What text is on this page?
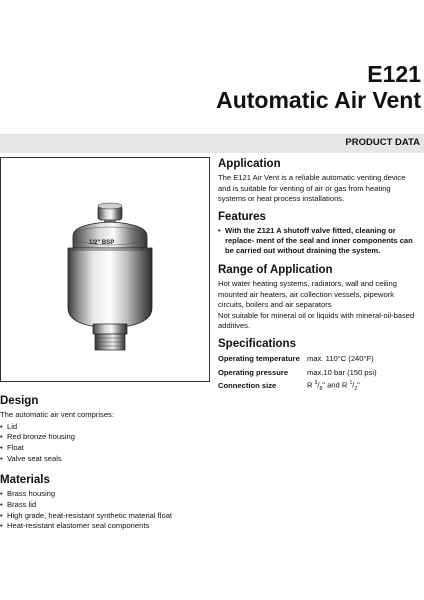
E121
Automatic Air Vent
PRODUCT DATA
1/2" BSP
Application
The E121 Air Vent is a reliable automatic venting device and is suitable for venting of air or gas from heating systems or heat process installations.
Features
• With the Z121 A shutoff valve fitted, cleaning or replace- ment of the seal and inner components can be carried out without draining the system.
Range of Application
Hot water heating systems, radiators, wall and ceiling mounted air heaters, air collection vessels, pipework circuits, boilers and air separators
Not suitable for mineral oil or liquids with mineral-oil-based additives.
Specifications
Operating temperature	max. 110°C (240°F)
Operating pressure	max.10 bar (150 psi)
Connection size	R $^3/_8$" and R $^1/_2$"
Design
The automatic air vent comprises:
• Lid
• Red bronze housing
• Float
• Valve seat seals
Materials
• Brass housing
• Brass lid
• High grade, heat-resistant synthetic material float
• Heat-resistant elastomer seal components
